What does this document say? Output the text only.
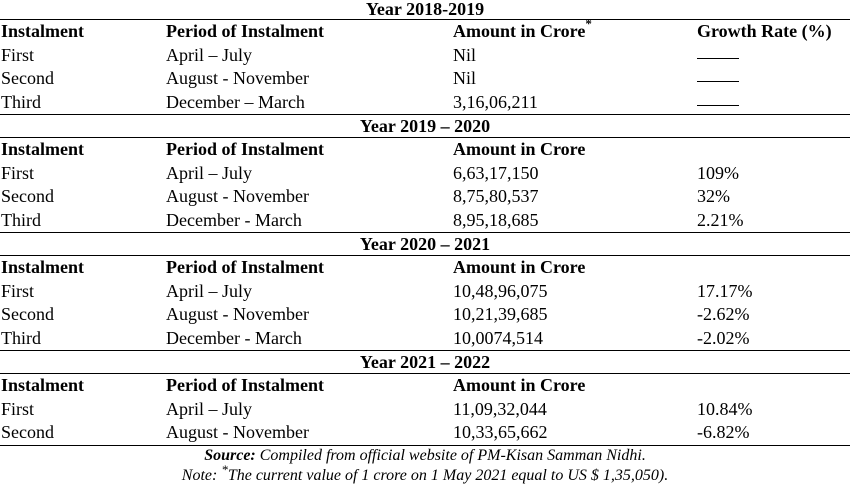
Year 2018-2019
Instalment	Period of Instalment	Amount in Crore*	Growth Rate (%)
First	April – July	Nil
Second	August - November	Nil
Third	December – March	3,16,06,211
Year 2019 – 2020
Instalment	Period of Instalment	Amount in Crore
First	April – July	6,63,17,150	109%
Second	August - November	8,75,80,537	32%
Third	December - March	8,95,18,685	2.21%
Year 2020 – 2021
Instalment	Period of Instalment	Amount in Crore
First	April – July	10,48,96,075	17.17%
Second	August - November	10,21,39,685	-2.62%
Third	December - March	10,0074,514	-2.02%
Year 2021 – 2022
Instalment	Period of Instalment	Amount in Crore
First	April – July	11,09,32,044	10.84%
Second	August - November	10,33,65,662	-6.82%
Source: Compiled from official website of PM-Kisan Samman Nidhi.
Note: *The current value of 1 crore on 1 May 2021 equal to US $ 1,35,050).
